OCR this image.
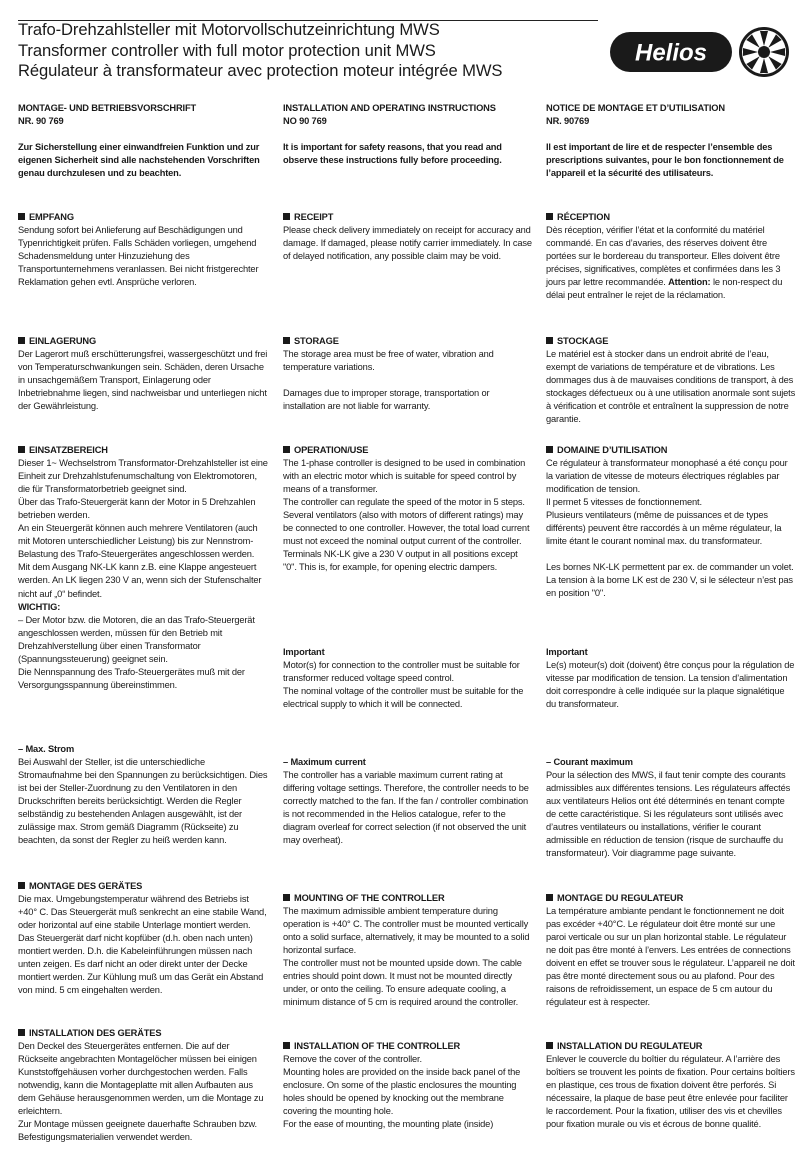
Trafo-Drehzahlsteller mit Motorvollschutzeinrichtung MWS
Transformer controller with full motor protection unit MWS
Régulateur à transformateur avec protection moteur intégrée MWS
Helios

MONTAGE- UND BETRIEBSVORSCHRIFT

NR. 90 769

Zur Sicherstellung einer einwandfreien Funktion und zur eigenen Sicherheit sind alle nachstehenden Vorschriften genau durchzulesen und zu beachten.

EMPFANG

Sendung sofort bei Anlieferung auf Beschädigungen und Typenrichtigkeit prüfen. Falls Schäden vorliegen, umgehend Schadensmeldung unter Hinzuziehung des Transportunternehmens veranlassen. Bei nicht fristgerechter Reklamation gehen evtl. Ansprüche verloren.

EINLAGERUNG

Der Lagerort muß erschütterungsfrei, wassergeschützt und frei von Temperaturschwankungen sein. Schäden, deren Ursache in unsachgemäßem Transport, Einlagerung oder Inbetriebnahme liegen, sind nachweisbar und unterliegen nicht der Gewährleistung.

EINSATZBEREICH

Dieser 1~ Wechselstrom Transformator-Drehzahlsteller ist eine Einheit zur Drehzahlstufenumschaltung von Elektromotoren, die für Transformatorbetrieb geeignet sind.

Über das Trafo-Steuergerät kann der Motor in 5 Drehzahlen betrieben werden.

An ein Steuergerät können auch mehrere Ventilatoren (auch mit Motoren unterschiedlicher Leistung) bis zur Nennstrom-Belastung des Trafo-Steuergerätes angeschlossen werden. Mit dem Ausgang NK-LK kann z.B. eine Klappe angesteuert werden. An LK liegen 230 V an, wenn sich der Stufenschalter nicht auf „0“ befindet.

WICHTIG:

– Der Motor bzw. die Motoren, die an das Trafo-Steuergerät angeschlossen werden, müssen für den Betrieb mit Drehzahlverstellung über einen Transformator (Spannungssteuerung) geeignet sein.

Die Nennspannung des Trafo-Steuergerätes muß mit der Versorgungsspannung übereinstimmen.

– Max. Strom

Bei Auswahl der Steller, ist die unterschiedliche Stromaufnahme bei den Spannungen zu berücksichtigen. Dies ist bei der Steller-Zuordnung zu den Ventilatoren in den Druckschriften bereits berücksichtigt. Werden die Regler selbständig zu bestehenden Anlagen ausgewählt, ist der zulässige max. Strom gemäß Diagramm (Rückseite) zu beachten, da sonst der Regler zu heiß werden kann.

MONTAGE DES GERÄTES

Die max. Umgebungstemperatur während des Betriebs ist +40° C. Das Steuergerät muß senkrecht an eine stabile Wand, oder horizontal auf eine stabile Unterlage montiert werden. Das Steuergerät darf nicht kopfüber (d.h. oben nach unten) montiert werden. D.h. die Kabeleinführungen müssen nach unten zeigen. Es darf nicht an oder direkt unter der Decke montiert werden. Zur Kühlung muß um das Gerät ein Abstand von mind. 5 cm eingehalten werden.

INSTALLATION DES GERÄTES

Den Deckel des Steuergerätes entfernen. Die auf der Rückseite angebrachten Montagelöcher müssen bei einigen Kunststoffgehäusen vorher durchgestochen werden. Falls notwendig, kann die Montageplatte mit allen Aufbauten aus dem Gehäuse herausgenommen werden, um die Montage zu erleichtern.

Zur Montage müssen geeignete dauerhafte Schrauben bzw. Befestigungsmaterialien verwendet werden.

INSTALLATION AND OPERATING INSTRUCTIONS

NO 90 769

It is important for safety reasons, that you read and observe these instructions fully before proceeding.

RECEIPT

Please check delivery immediately on receipt for accuracy and damage. If damaged, please notify carrier immediately. In case of delayed notification, any possible claim may be void.

STORAGE

The storage area must be free of water, vibration and temperature variations.

Damages due to improper storage, transportation or installation are not liable for warranty.

OPERATION/USE

The 1-phase controller is designed to be used in combination with an electric motor which is suitable for speed control by means of a transformer.

The controller can regulate the speed of the motor in 5 steps.

Several ventilators (also with motors of different ratings) may be connected to one controller. However, the total load current must not exceed the nominal output current of the controller.

Terminals NK-LK give a 230 V output in all positions except "0". This is, for example, for opening electric dampers.

Important

Motor(s) for connection to the controller must be suitable for transformer reduced voltage speed control.

The nominal voltage of the controller must be suitable for the electrical supply to which it will be connected.

– Maximum current

The controller has a variable maximum current rating at differing voltage settings. Therefore, the controller needs to be correctly matched to the fan. If the fan / controller combination is not recommended in the Helios catalogue, refer to the diagram overleaf for correct selection (if not observed the unit may overheat).

MOUNTING OF THE CONTROLLER

The maximum admissible ambient temperature during operation is +40° C. The controller must be mounted vertically onto a solid surface, alternatively, it may be mounted to a solid horizontal surface.

The controller must not be mounted upside down. The cable entries should point down. It must not be mounted directly under, or onto the ceiling. To ensure adequate cooling, a minimum distance of 5 cm is required around the controller.

INSTALLATION OF THE CONTROLLER

Remove the cover of the controller.

Mounting holes are provided on the inside back panel of the enclosure. On some of the plastic enclosures the mounting holes should be opened by knocking out the membrane covering the mounting hole.

For the ease of mounting, the mounting plate (inside)

NOTICE DE MONTAGE ET D’UTILISATION

NR. 90769

Il est important de lire et de respecter l’ensemble des prescriptions suivantes, pour le bon fonctionnement de l’appareil et la sécurité des utilisateurs.

RÉCEPTION

Dès réception, vérifier l’état et la conformité du matériel commandé. En cas d’avaries, des réserves doivent être portées sur le bordereau du transporteur. Elles doivent être précises, significatives, complètes et confirmées dans les 3 jours par lettre recommandée. Attention: le non-respect du délai peut entraîner le rejet de la réclamation.

STOCKAGE

Le matériel est à stocker dans un endroit abrité de l’eau, exempt de variations de température et de vibrations. Les dommages dus à de mauvaises conditions de transport, à des stockages défectueux ou à une utilisation anormale sont sujets à vérification et contrôle et entraînent la suppression de notre garantie.

DOMAINE D’UTILISATION

Ce régulateur à transformateur monophasé a été conçu pour la variation de vitesse de moteurs électriques réglables par modification de tension.

Il permet 5 vitesses de fonctionnement.

Plusieurs ventilateurs (même de puissances et de types différents) peuvent être raccordés à un même régulateur, la limite étant le courant nominal max. du transformateur.

Les bornes NK-LK permettent par ex. de commander un volet. La tension à la borne LK est de 230 V, si le sélecteur n’est pas en position "0".

Important

Le(s) moteur(s) doit (doivent) être conçus pour la régulation de vitesse par modification de tension. La tension d’alimentation doit correspondre à celle indiquée sur la plaque signalétique du transformateur.

– Courant maximum

Pour la sélection des MWS, il faut tenir compte des courants admissibles aux différentes tensions. Les régulateurs affectés aux ventilateurs Helios ont été déterminés en tenant compte de cette caractéristique. Si les régulateurs sont utilisés avec d’autres ventilateurs ou installations, vérifier le courant admissible en réduction de tension (risque de surchauffe du transformateur). Voir diagramme page suivante.

MONTAGE DU REGULATEUR

La température ambiante pendant le fonctionnement ne doit pas excéder +40°C. Le régulateur doit être monté sur une paroi verticale ou sur un plan horizontal stable. Le régulateur ne doit pas être monté à l’envers. Les entrées de connections doivent en effet se trouver sous le régulateur. L’appareil ne doit pas être monté directement sous ou au plafond. Pour des raisons de refroidissement, un espace de 5 cm autour du régulateur est à respecter.

INSTALLATION DU REGULATEUR

Enlever le couvercle du boîtier du régulateur. A l’arrière des boîtiers se trouvent les points de fixation. Pour certains boîtiers en plastique, ces trous de fixation doivent être perforés. Si nécessaire, la plaque de base peut être enlevée pour faciliter le raccordement. Pour la fixation, utiliser des vis et chevilles pour fixation murale ou vis et écrous de bonne qualité.
